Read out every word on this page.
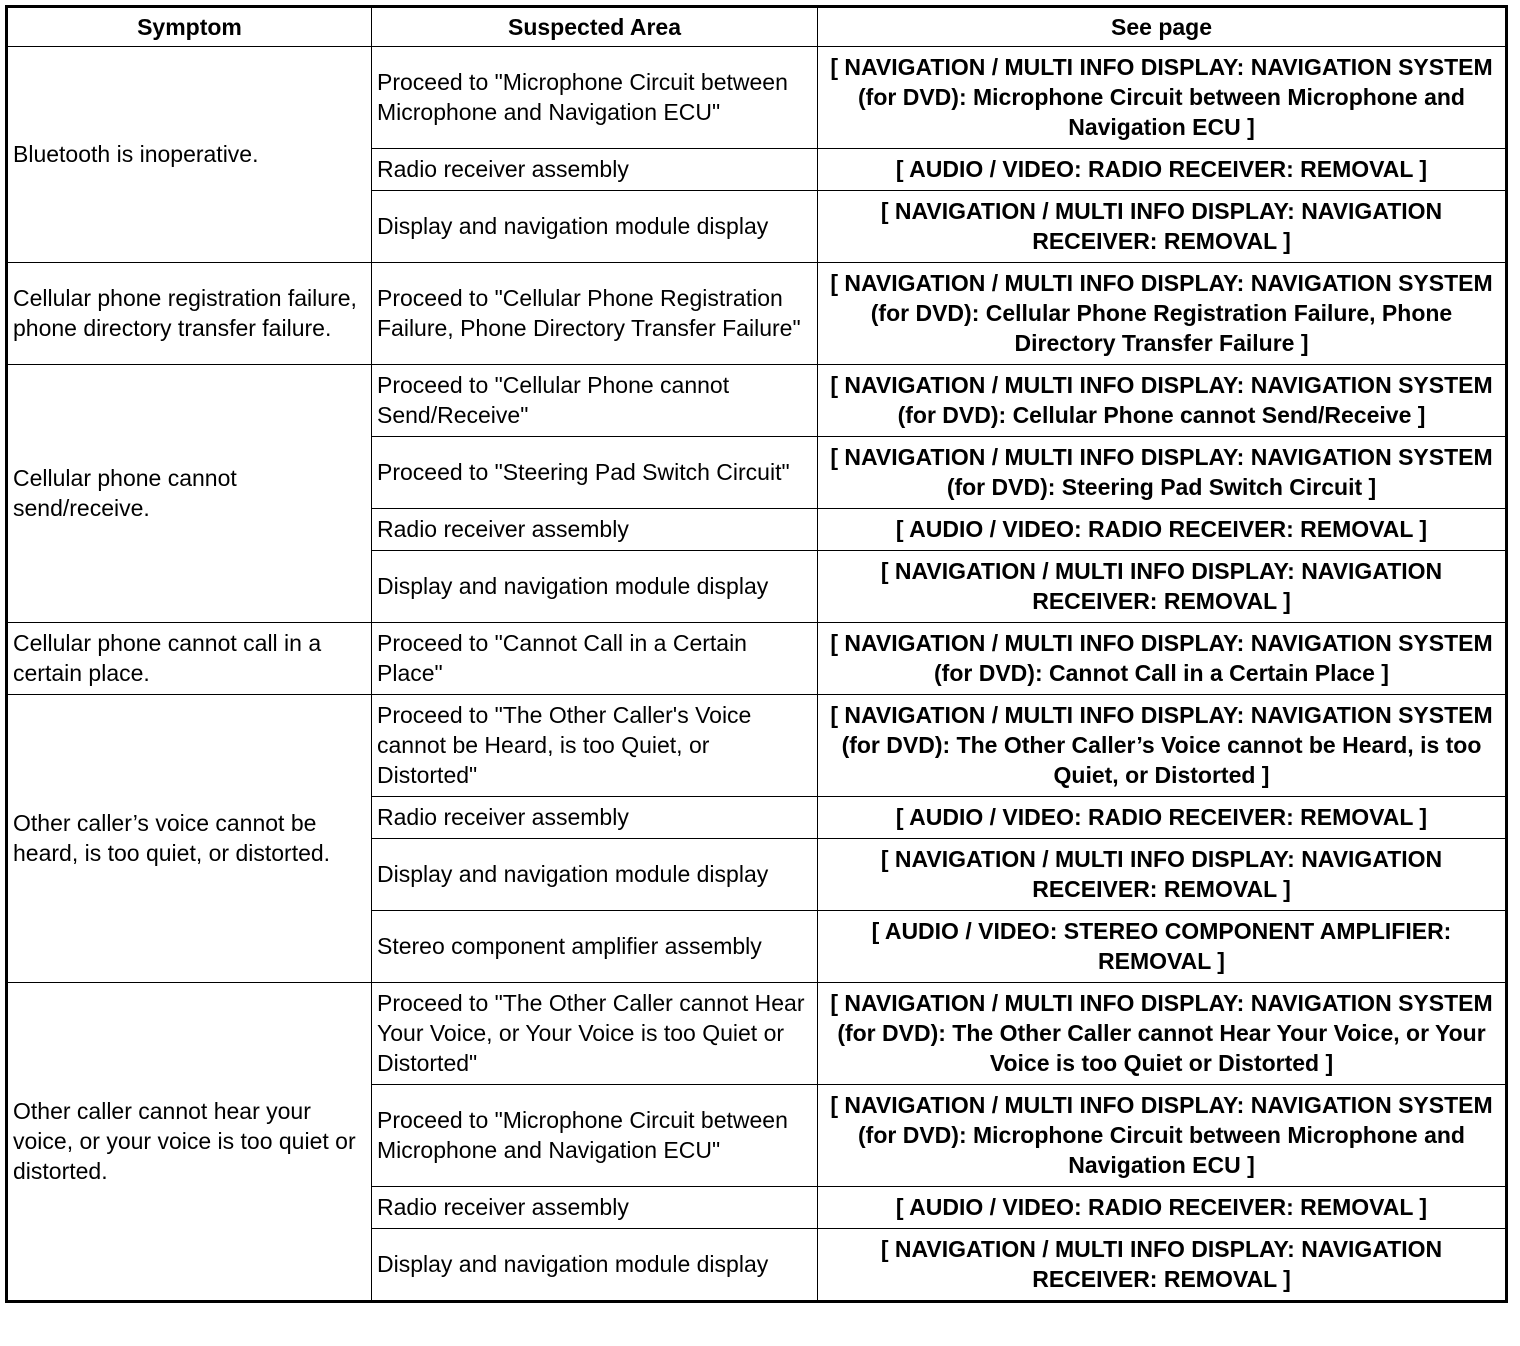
Symptom	Suspected Area	See page
Bluetooth is inoperative.	Proceed to "Microphone Circuit between Microphone and Navigation ECU"	[ NAVIGATION / MULTI INFO DISPLAY: NAVIGATION SYSTEM (for DVD): Microphone Circuit between Microphone and Navigation ECU ]
	Radio receiver assembly	[ AUDIO / VIDEO: RADIO RECEIVER: REMOVAL ]
	Display and navigation module display	[ NAVIGATION / MULTI INFO DISPLAY: NAVIGATION RECEIVER: REMOVAL ]
Cellular phone registration failure, phone directory transfer failure.	Proceed to "Cellular Phone Registration Failure, Phone Directory Transfer Failure"	[ NAVIGATION / MULTI INFO DISPLAY: NAVIGATION SYSTEM (for DVD): Cellular Phone Registration Failure, Phone Directory Transfer Failure ]
Cellular phone cannot send/receive.	Proceed to "Cellular Phone cannot Send/Receive"	[ NAVIGATION / MULTI INFO DISPLAY: NAVIGATION SYSTEM (for DVD): Cellular Phone cannot Send/Receive ]
	Proceed to "Steering Pad Switch Circuit"	[ NAVIGATION / MULTI INFO DISPLAY: NAVIGATION SYSTEM (for DVD): Steering Pad Switch Circuit ]
	Radio receiver assembly	[ AUDIO / VIDEO: RADIO RECEIVER: REMOVAL ]
	Display and navigation module display	[ NAVIGATION / MULTI INFO DISPLAY: NAVIGATION RECEIVER: REMOVAL ]
Cellular phone cannot call in a certain place.	Proceed to "Cannot Call in a Certain Place"	[ NAVIGATION / MULTI INFO DISPLAY: NAVIGATION SYSTEM (for DVD): Cannot Call in a Certain Place ]
Other caller’s voice cannot be heard, is too quiet, or distorted.	Proceed to "The Other Caller's Voice cannot be Heard, is too Quiet, or Distorted"	[ NAVIGATION / MULTI INFO DISPLAY: NAVIGATION SYSTEM (for DVD): The Other Caller’s Voice cannot be Heard, is too Quiet, or Distorted ]
	Radio receiver assembly	[ AUDIO / VIDEO: RADIO RECEIVER: REMOVAL ]
	Display and navigation module display	[ NAVIGATION / MULTI INFO DISPLAY: NAVIGATION RECEIVER: REMOVAL ]
	Stereo component amplifier assembly	[ AUDIO / VIDEO: STEREO COMPONENT AMPLIFIER: REMOVAL ]
Other caller cannot hear your voice, or your voice is too quiet or distorted.	Proceed to "The Other Caller cannot Hear Your Voice, or Your Voice is too Quiet or Distorted"	[ NAVIGATION / MULTI INFO DISPLAY: NAVIGATION SYSTEM (for DVD): The Other Caller cannot Hear Your Voice, or Your Voice is too Quiet or Distorted ]
	Proceed to "Microphone Circuit between Microphone and Navigation ECU"	[ NAVIGATION / MULTI INFO DISPLAY: NAVIGATION SYSTEM (for DVD): Microphone Circuit between Microphone and Navigation ECU ]
	Radio receiver assembly	[ AUDIO / VIDEO: RADIO RECEIVER: REMOVAL ]
	Display and navigation module display	[ NAVIGATION / MULTI INFO DISPLAY: NAVIGATION RECEIVER: REMOVAL ]
